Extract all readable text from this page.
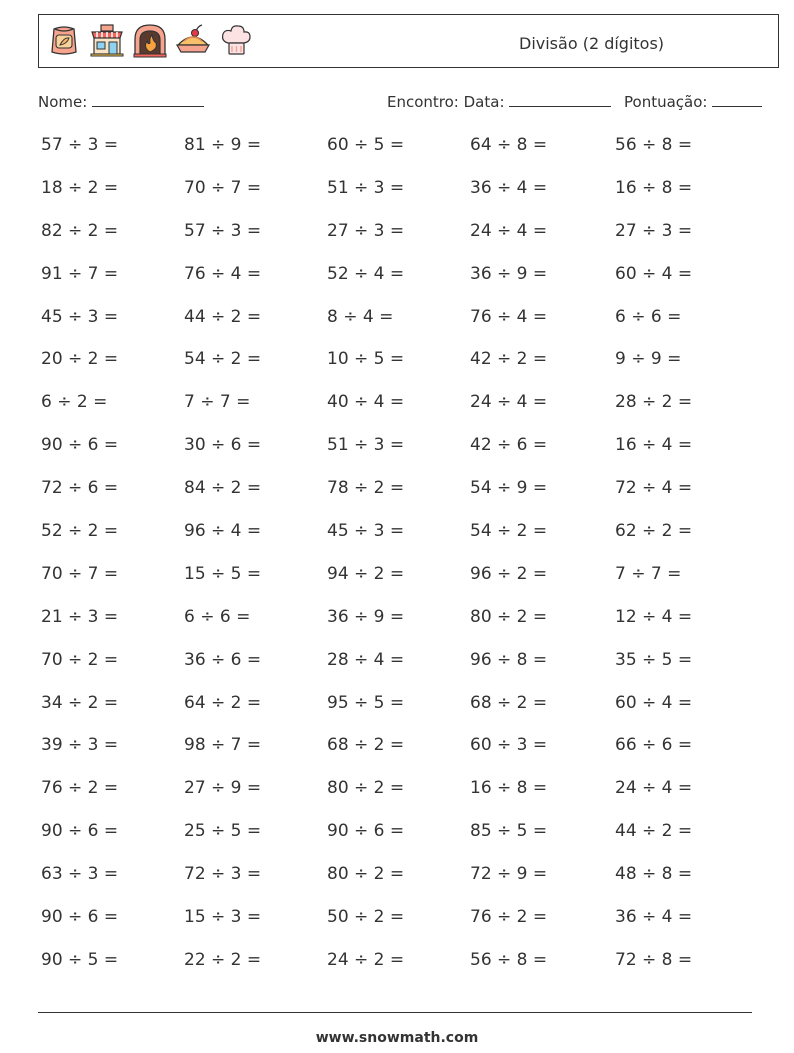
Divisão (2 dígitos)
Nome:	Encontro: Data:	Pontuação:
57 ÷ 3 =	81 ÷ 9 =	60 ÷ 5 =	64 ÷ 8 =	56 ÷ 8 =
18 ÷ 2 =	70 ÷ 7 =	51 ÷ 3 =	36 ÷ 4 =	16 ÷ 8 =
82 ÷ 2 =	57 ÷ 3 =	27 ÷ 3 =	24 ÷ 4 =	27 ÷ 3 =
91 ÷ 7 =	76 ÷ 4 =	52 ÷ 4 =	36 ÷ 9 =	60 ÷ 4 =
45 ÷ 3 =	44 ÷ 2 =	8 ÷ 4 =	76 ÷ 4 =	6 ÷ 6 =
20 ÷ 2 =	54 ÷ 2 =	10 ÷ 5 =	42 ÷ 2 =	9 ÷ 9 =
6 ÷ 2 =	7 ÷ 7 =	40 ÷ 4 =	24 ÷ 4 =	28 ÷ 2 =
90 ÷ 6 =	30 ÷ 6 =	51 ÷ 3 =	42 ÷ 6 =	16 ÷ 4 =
72 ÷ 6 =	84 ÷ 2 =	78 ÷ 2 =	54 ÷ 9 =	72 ÷ 4 =
52 ÷ 2 =	96 ÷ 4 =	45 ÷ 3 =	54 ÷ 2 =	62 ÷ 2 =
70 ÷ 7 =	15 ÷ 5 =	94 ÷ 2 =	96 ÷ 2 =	7 ÷ 7 =
21 ÷ 3 =	6 ÷ 6 =	36 ÷ 9 =	80 ÷ 2 =	12 ÷ 4 =
70 ÷ 2 =	36 ÷ 6 =	28 ÷ 4 =	96 ÷ 8 =	35 ÷ 5 =
34 ÷ 2 =	64 ÷ 2 =	95 ÷ 5 =	68 ÷ 2 =	60 ÷ 4 =
39 ÷ 3 =	98 ÷ 7 =	68 ÷ 2 =	60 ÷ 3 =	66 ÷ 6 =
76 ÷ 2 =	27 ÷ 9 =	80 ÷ 2 =	16 ÷ 8 =	24 ÷ 4 =
90 ÷ 6 =	25 ÷ 5 =	90 ÷ 6 =	85 ÷ 5 =	44 ÷ 2 =
63 ÷ 3 =	72 ÷ 3 =	80 ÷ 2 =	72 ÷ 9 =	48 ÷ 8 =
90 ÷ 6 =	15 ÷ 3 =	50 ÷ 2 =	76 ÷ 2 =	36 ÷ 4 =
90 ÷ 5 =	22 ÷ 2 =	24 ÷ 2 =	56 ÷ 8 =	72 ÷ 8 =
www.snowmath.com
